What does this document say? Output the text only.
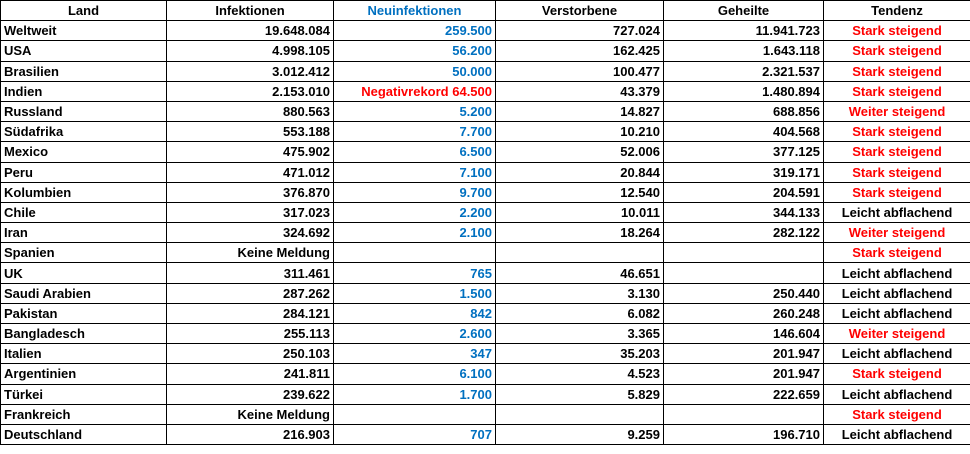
Land	Infektionen	Neuinfektionen	Verstorbene	Geheilte	Tendenz
Weltweit	19.648.084	259.500	727.024	11.941.723	Stark steigend
USA	4.998.105	56.200	162.425	1.643.118	Stark steigend
Brasilien	3.012.412	50.000	100.477	2.321.537	Stark steigend
Indien	2.153.010	Negativrekord 64.500	43.379	1.480.894	Stark steigend
Russland	880.563	5.200	14.827	688.856	Weiter steigend
Südafrika	553.188	7.700	10.210	404.568	Stark steigend
Mexico	475.902	6.500	52.006	377.125	Stark steigend
Peru	471.012	7.100	20.844	319.171	Stark steigend
Kolumbien	376.870	9.700	12.540	204.591	Stark steigend
Chile	317.023	2.200	10.011	344.133	Leicht abflachend
Iran	324.692	2.100	18.264	282.122	Weiter steigend
Spanien	Keine Meldung				Stark steigend
UK	311.461	765	46.651		Leicht abflachend
Saudi Arabien	287.262	1.500	3.130	250.440	Leicht abflachend
Pakistan	284.121	842	6.082	260.248	Leicht abflachend
Bangladesch	255.113	2.600	3.365	146.604	Weiter steigend
Italien	250.103	347	35.203	201.947	Leicht abflachend
Argentinien	241.811	6.100	4.523	201.947	Stark steigend
Türkei	239.622	1.700	5.829	222.659	Leicht abflachend
Frankreich	Keine Meldung				Stark steigend
Deutschland	216.903	707	9.259	196.710	Leicht abflachend
